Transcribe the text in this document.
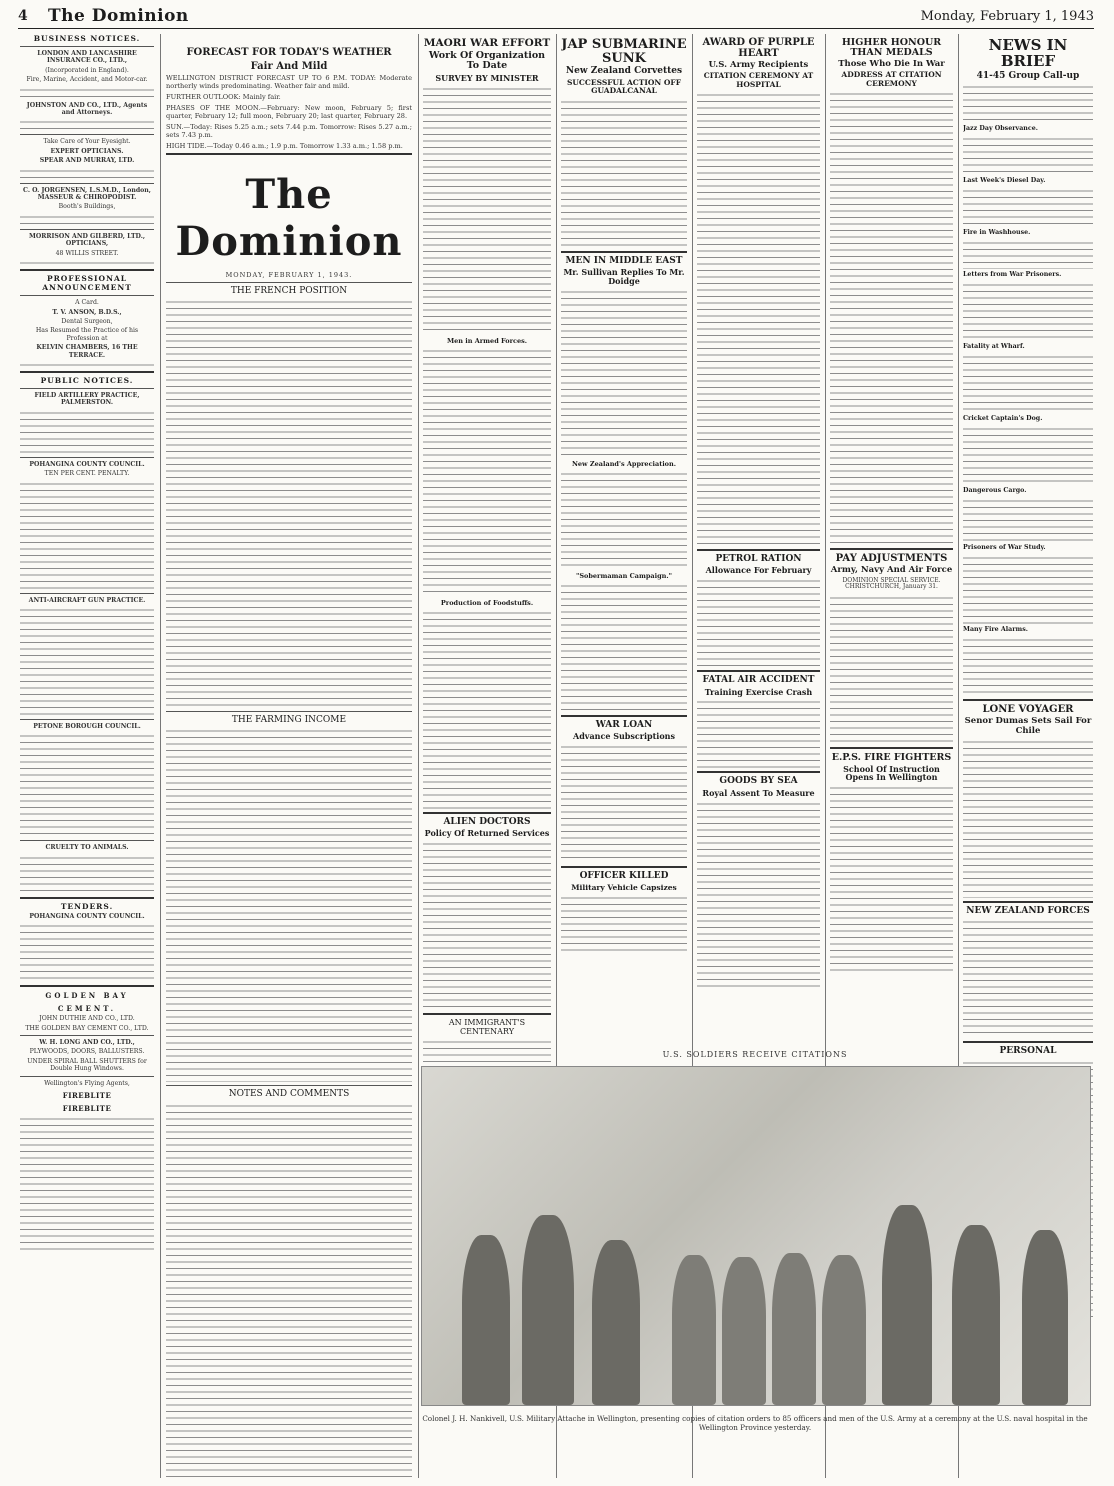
4 The Dominion	Monday, February 1, 1943
BUSINESS NOTICES.
LONDON AND LANCASHIRE INSURANCE CO., LTD.,
(Incorporated in England).
Fire, Marine, Accident, and Motor-car.
JOHNSTON AND CO., LTD., Agents and Attorneys.
Take Care of Your Eyesight.
EXPERT OPTICIANS.
SPEAR AND MURRAY, LTD.
C. O. JORGENSEN, L.S.M.D., London, MASSEUR & CHIROPODIST.
Booth's Buildings,
MORRISON AND GILBERD, LTD., OPTICIANS,
48 WILLIS STREET.
PROFESSIONAL ANNOUNCEMENT
A Card.
T. V. ANSON, B.D.S.,
Dental Surgeon,
Has Resumed the Practice of his Profession at
KELVIN CHAMBERS, 16 THE TERRACE.
PUBLIC NOTICES.
FIELD ARTILLERY PRACTICE, PALMERSTON.
POHANGINA COUNTY COUNCIL.
TEN PER CENT. PENALTY.
ANTI-AIRCRAFT GUN PRACTICE.
PETONE BOROUGH COUNCIL.
CRUELTY TO ANIMALS.
TENDERS.
POHANGINA COUNTY COUNCIL.
GOLDEN BAY
CEMENT.
JOHN DUTHIE AND CO., LTD.
THE GOLDEN BAY CEMENT CO., LTD.
W. H. LONG AND CO., LTD.,
PLYWOODS, DOORS, BALLUSTERS.
UNDER SPIRAL BALL SHUTTERS for Double Hung Windows.
Wellington's Flying Agents,
FIREBLITE
FIREBLITE
FORECAST FOR TODAY'S WEATHER
Fair And Mild
WELLINGTON DISTRICT FORECAST UP TO 6 P.M. TODAY: Moderate northerly winds predominating. Weather fair and mild.
FURTHER OUTLOOK: Mainly fair.
PHASES OF THE MOON.—February: New moon, February 5; first quarter, February 12; full moon, February 20; last quarter, February 28.
SUN.—Today: Rises 5.25 a.m.; sets 7.44 p.m. Tomorrow: Rises 5.27 a.m.; sets 7.43 p.m.
HIGH TIDE.—Today 0.46 a.m.; 1.9 p.m. Tomorrow 1.33 a.m.; 1.58 p.m.
The Dominion
MONDAY, FEBRUARY 1, 1943.
THE FRENCH POSITION
THE FARMING INCOME
NOTES AND COMMENTS
MAORI WAR EFFORT
Work Of Organization To Date
SURVEY BY MINISTER
Men in Armed Forces.
Production of Foodstuffs.
ALIEN DOCTORS
Policy Of Returned Services
AN IMMIGRANT'S CENTENARY
JAP SUBMARINE SUNK
New Zealand Corvettes
SUCCESSFUL ACTION OFF GUADALCANAL
MEN IN MIDDLE EAST
Mr. Sullivan Replies To Mr. Doidge
New Zealand's Appreciation.
"Sobermaman Campaign."
WAR LOAN
Advance Subscriptions
OFFICER KILLED
Military Vehicle Capsizes
AWARD OF PURPLE HEART
U.S. Army Recipients
CITATION CEREMONY AT HOSPITAL
PETROL RATION
Allowance For February
FATAL AIR ACCIDENT
Training Exercise Crash
GOODS BY SEA
Royal Assent To Measure
HIGHER HONOUR THAN MEDALS
Those Who Die In War
ADDRESS AT CITATION CEREMONY
PAY ADJUSTMENTS
Army, Navy And Air Force
DOMINION SPECIAL SERVICE. CHRISTCHURCH, January 31.
E.P.S. FIRE FIGHTERS
School Of Instruction Opens In Wellington
NEWS IN BRIEF
41-45 Group Call-up
Jazz Day Observance.
Last Week's Diesel Day.
Fire in Washhouse.
Letters from War Prisoners.
Fatality at Wharf.
Cricket Captain's Dog.
Dangerous Cargo.
Prisoners of War Study.
Many Fire Alarms.
LONE VOYAGER
Senor Dumas Sets Sail For Chile
NEW ZEALAND FORCES
PERSONAL
U.S. SOLDIERS RECEIVE CITATIONS
Colonel J. H. Nankivell, U.S. Military Attache in Wellington, presenting copies of citation orders to 85 officers and men of the U.S. Army at a ceremony at the U.S. naval hospital in the Wellington Province yesterday.
